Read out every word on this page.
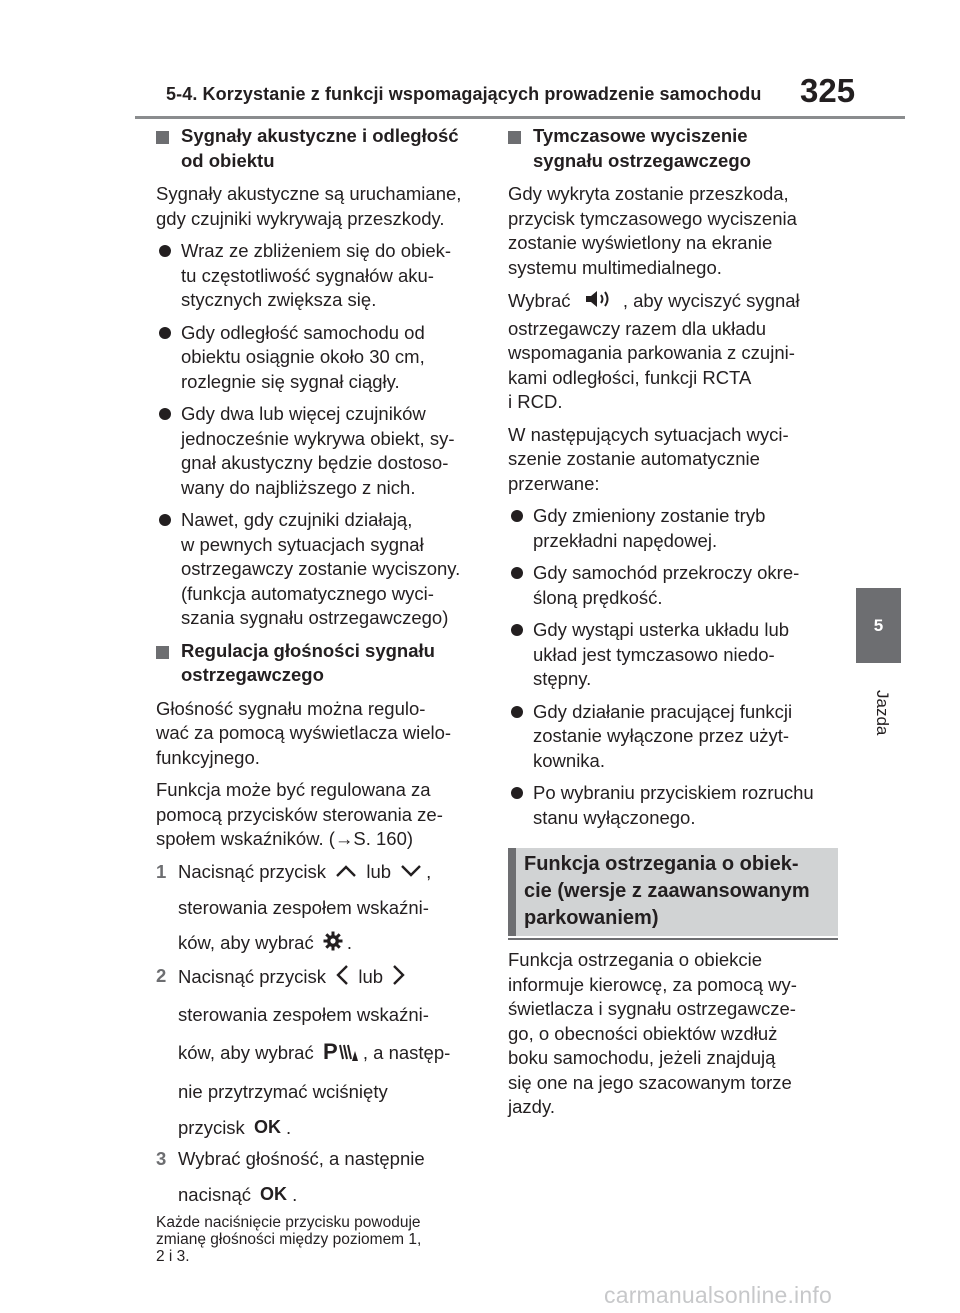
5-4. Korzystanie z funkcji wspomagających prowadzenie samochodu 325
5
Jazda
Sygnały akustyczne i odległość
od obiektu
Sygnały akustyczne są uruchamiane,
gdy czujniki wykrywają przeszkody.
Wraz ze zbliżeniem się do obiek-
tu częstotliwość sygnałów aku-
stycznych zwiększa się.
Gdy odległość samochodu od
obiektu osiągnie około 30 cm,
rozlegnie się sygnał ciągły.
Gdy dwa lub więcej czujników
jednocześnie wykrywa obiekt, sy-
gnał akustyczny będzie dostoso-
wany do najbliższego z nich.
Nawet, gdy czujniki działają,
w pewnych sytuacjach sygnał
ostrzegawczy zostanie wyciszony.
(funkcja automatycznego wyci-
szania sygnału ostrzegawczego)
Regulacja głośności sygnału
ostrzegawczego
Głośność sygnału można regulo-
wać za pomocą wyświetlacza wielo-
funkcyjnego.
Funkcja może być regulowana za
pomocą przycisków sterowania ze-
społem wskaźników. (→S. 160)
1 Nacisnąć przycisk lub ,
sterowania zespołem wskaźni-
ków, aby wybrać .
2 Nacisnąć przycisk lub
sterowania zespołem wskaźni-
ków, aby wybrać P , a następ-
nie przytrzymać wciśnięty
przycisk OK .
3 Wybrać głośność, a następnie
nacisnąć OK .
Każde naciśnięcie przycisku powoduje
zmianę głośności między poziomem 1,
2 i 3.
Tymczasowe wyciszenie
sygnału ostrzegawczego
Gdy wykryta zostanie przeszkoda,
przycisk tymczasowego wyciszenia
zostanie wyświetlony na ekranie
systemu multimedialnego.
Wybrać	, aby wyciszyć sygnał
ostrzegawczy razem dla układu
wspomagania parkowania z czujni-
kami odległości, funkcji RCTA
i RCD.
W następujących sytuacjach wyci-
szenie zostanie automatycznie
przerwane:
Gdy zmieniony zostanie tryb
przekładni napędowej.
Gdy samochód przekroczy okre-
śloną prędkość.
Gdy wystąpi usterka układu lub
układ jest tymczasowo niedo-
stępny.
Gdy działanie pracującej funkcji
zostanie wyłączone przez użyt-
kownika.
Po wybraniu przyciskiem rozruchu
stanu wyłączonego.
Funkcja ostrzegania o obiek-
cie (wersje z zaawansowanym
parkowaniem)
Funkcja ostrzegania o obiekcie
informuje kierowcę, za pomocą wy-
świetlacza i sygnału ostrzegawcze-
go, o obecności obiektów wzdłuż
boku samochodu, jeżeli znajdują
się one na jego szacowanym torze
jazdy.
carmanualsonline.info
